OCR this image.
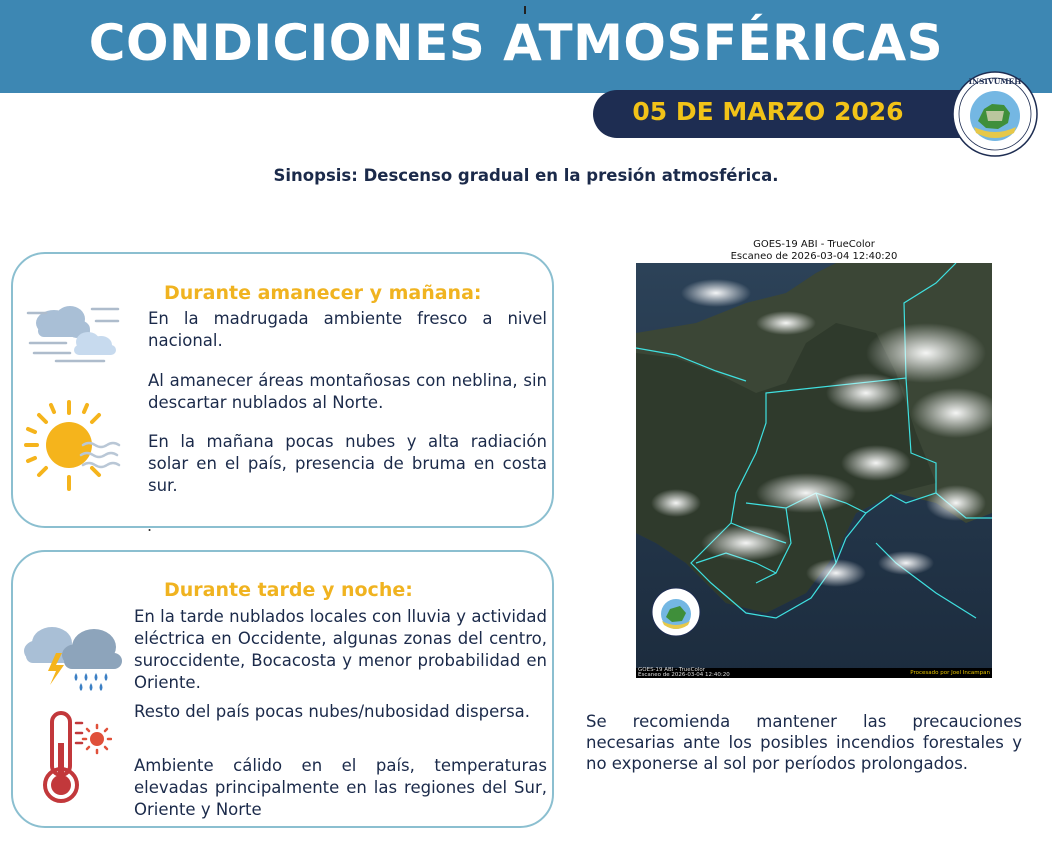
CONDICIONES ATMOSFÉRICAS
05 DE MARZO 2026
INSIVUMEH
Sinopsis: Descenso gradual en la presión atmosférica.
Durante amanecer y mañana:
En la madrugada ambiente fresco a nivel nacional.
Al amanecer áreas montañosas con neblina, sin descartar nublados al Norte.
En la mañana pocas nubes y alta radiación solar en el país, presencia de bruma en costa sur.
.
Durante tarde y noche:
En la tarde nublados locales con lluvia y actividad eléctrica en Occidente, algunas zonas del centro, suroccidente, Bocacosta y menor probabilidad en Oriente.
Resto del país pocas nubes/nubosidad dispersa.
Ambiente cálido en el país, temperaturas elevadas principalmente en las regiones del Sur, Oriente y Norte
GOES-19 ABI - TrueColor
Escaneo de 2026-03-04 12:40:20
GOES-19 ABI - TrueColor
Escaneo de 2026-03-04 12:40:20	Procesado por Joel Incampan
Se recomienda mantener las precauciones necesarias ante los posibles incendios forestales y no exponerse al sol por períodos prolongados.
